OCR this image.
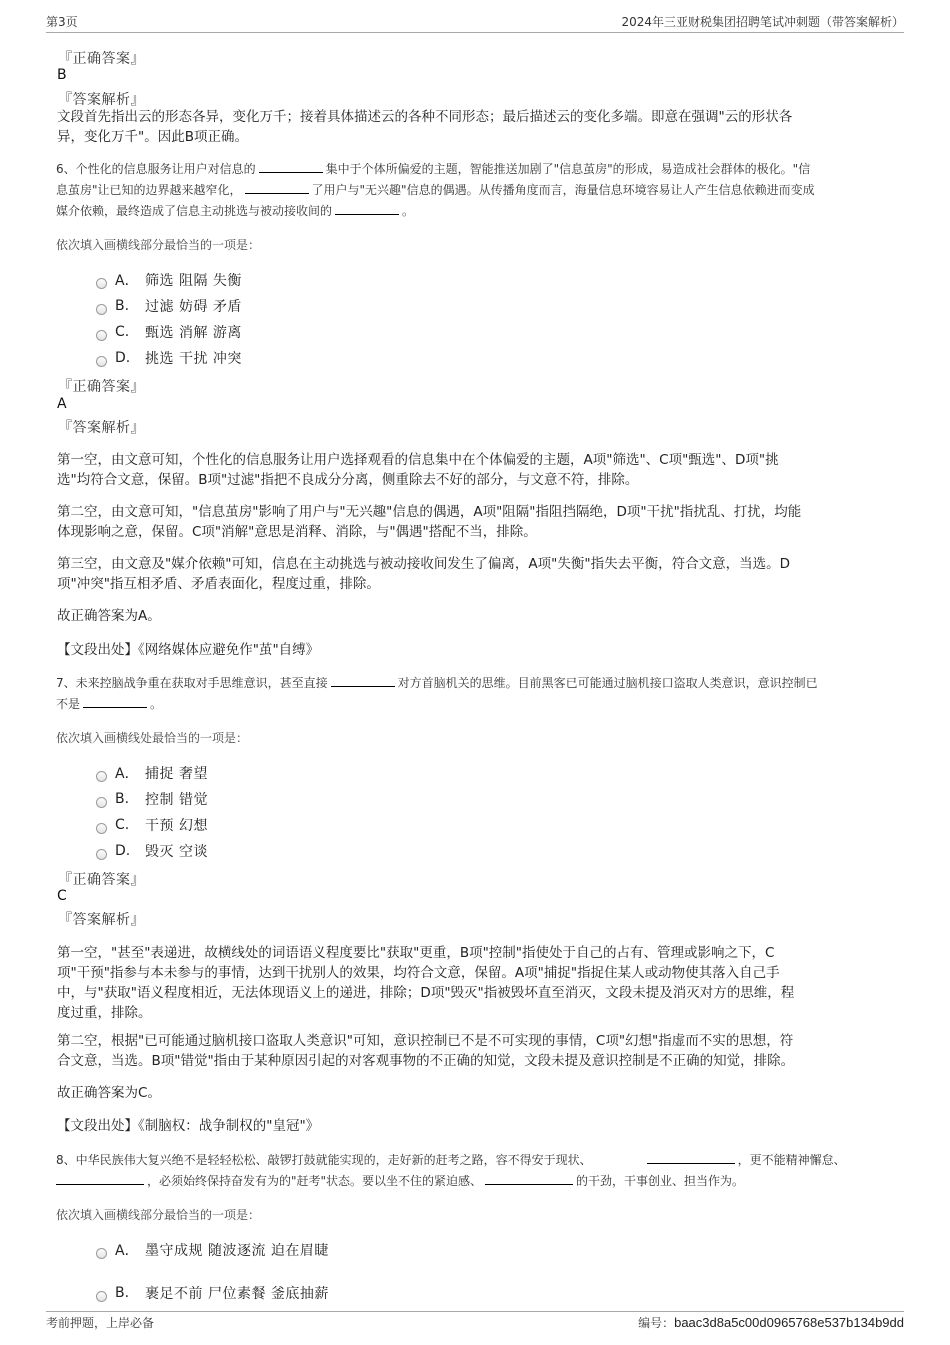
第3页	2024年三亚财税集团招聘笔试冲刺题（带答案解析）
『正确答案』
B
『答案解析』
文段首先指出云的形态各异，变化万千；接着具体描述云的各种不同形态；最后描述云的变化多端。即意在强调"云的形状各
异，变化万千"。因此B项正确。
6、个性化的信息服务让用户对信息的	集中于个体所偏爱的主题，智能推送加剧了"信息茧房"的形成，易造成社会群体的极化。"信
息茧房"让已知的边界越来越窄化，	了用户与"无兴趣"信息的偶遇。从传播角度而言，海量信息环境容易让人产生信息依赖进而变成
媒介依赖，最终造成了信息主动挑选与被动接收间的	。
依次填入画横线部分最恰当的一项是：
A． 筛选 阻隔 失衡
B.	过滤 妨碍 矛盾
C.	甄选 消解 游离
D.	挑选 干扰 冲突
『正确答案』
A
『答案解析』
第一空，由文意可知，个性化的信息服务让用户选择观看的信息集中在个体偏爱的主题，A项"筛选"、C项"甄选"、D项"挑
选"均符合文意，保留。B项"过滤"指把不良成分分离，侧重除去不好的部分，与文意不符，排除。
第二空，由文意可知，"信息茧房"影响了用户与"无兴趣"信息的偶遇，A项"阻隔"指阻挡隔绝，D项"干扰"指扰乱、打扰，均能
体现影响之意，保留。C项"消解"意思是消释、消除，与"偶遇"搭配不当，排除。
第三空，由文意及"媒介依赖"可知，信息在主动挑选与被动接收间发生了偏离，A项"失衡"指失去平衡，符合文意，当选。D
项"冲突"指互相矛盾、矛盾表面化，程度过重，排除。
故正确答案为A。
【文段出处】《网络媒体应避免作"茧"自缚》
7、未来控脑战争重在获取对手思维意识，甚至直接	对方首脑机关的思维。目前黑客已可能通过脑机接口盗取人类意识，意识控制已
不是	。
依次填入画横线处最恰当的一项是：
A． 捕捉 奢望
B.	控制 错觉
C.	干预 幻想
D.	毁灭 空谈
『正确答案』
C
『答案解析』
第一空，"甚至"表递进，故横线处的词语语义程度要比"获取"更重，B项"控制"指使处于自己的占有、管理或影响之下，C
项"干预"指参与本未参与的事情，达到干扰别人的效果，均符合文意，保留。A项"捕捉"指捉住某人或动物使其落入自己手
中，与"获取"语义程度相近，无法体现语义上的递进，排除；D项"毁灭"指被毁坏直至消灭，文段未提及消灭对方的思维，程
度过重，排除。
第二空，根据"已可能通过脑机接口盗取人类意识"可知，意识控制已不是不可实现的事情，C项"幻想"指虚而不实的思想，符
合文意，当选。B项"错觉"指由于某种原因引起的对客观事物的不正确的知觉，文段未提及意识控制是不正确的知觉，排除。
故正确答案为C。
【文段出处】《制脑权：战争制权的"皇冠"》
8、中华民族伟大复兴绝不是轻轻松松、敲锣打鼓就能实现的，走好新的赶考之路，容不得安于现状、	，更不能精神懈怠、
，必须始终保持奋发有为的"赶考"状态。要以坐不住的紧迫感、	的干劲，干事创业、担当作为。
依次填入画横线部分最恰当的一项是：
A． 墨守成规 随波逐流 迫在眉睫
B.	裹足不前 尸位素餐 釜底抽薪
考前押题，上岸必备	编号：baac3d8a5c00d0965768e537b134b9dd
